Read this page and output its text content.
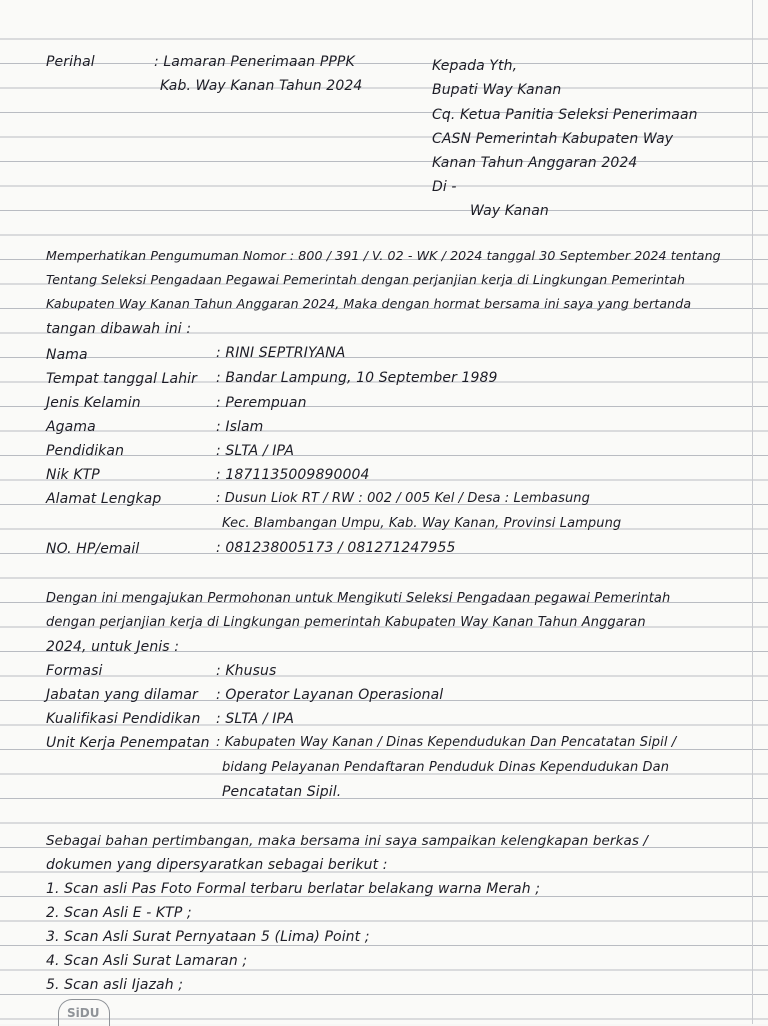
Perihal	: Lamaran Penerimaan PPPK
Kab. Way Kanan Tahun 2024
Kepada Yth,
Bupati Way Kanan
Cq. Ketua Panitia Seleksi Penerimaan
CASN Pemerintah Kabupaten Way
Kanan Tahun Anggaran 2024
Di -
Way Kanan
Memperhatikan Pengumuman Nomor : 800 / 391 / V. 02 - WK / 2024 tanggal 30 September 2024 tentang
Tentang Seleksi Pengadaan Pegawai Pemerintah dengan perjanjian kerja di Lingkungan Pemerintah
Kabupaten Way Kanan Tahun Anggaran 2024, Maka dengan hormat bersama ini saya yang bertanda
tangan dibawah ini :
Nama	: RINI SEPTRIYANA
Tempat tanggal Lahir : Bandar Lampung, 10 September 1989
Jenis Kelamin	: Perempuan
Agama	: Islam
Pendidikan	: SLTA / IPA
Nik KTP	: 1871135009890004
Alamat Lengkap	: Dusun Liok RT / RW : 002 / 005 Kel / Desa : Lembasung
Kec. Blambangan Umpu, Kab. Way Kanan, Provinsi Lampung
NO. HP/email	: 081238005173 / 081271247955
Dengan ini mengajukan Permohonan untuk Mengikuti Seleksi Pengadaan pegawai Pemerintah
dengan perjanjian kerja di Lingkungan pemerintah Kabupaten Way Kanan Tahun Anggaran
2024, untuk Jenis :
Formasi	: Khusus
Jabatan yang dilamar : Operator Layanan Operasional
Kualifikasi Pendidikan : SLTA / IPA
Unit Kerja Penempatan : Kabupaten Way Kanan / Dinas Kependudukan Dan Pencatatan Sipil /
bidang Pelayanan Pendaftaran Penduduk Dinas Kependudukan Dan
Pencatatan Sipil.
Sebagai bahan pertimbangan, maka bersama ini saya sampaikan kelengkapan berkas /
dokumen yang dipersyaratkan sebagai berikut :
1. Scan asli Pas Foto Formal terbaru berlatar belakang warna Merah ;
2. Scan Asli E - KTP ;
3. Scan Asli Surat Pernyataan 5 (Lima) Point ;
4. Scan Asli Surat Lamaran ;
5. Scan asli Ijazah ;
SiDU
